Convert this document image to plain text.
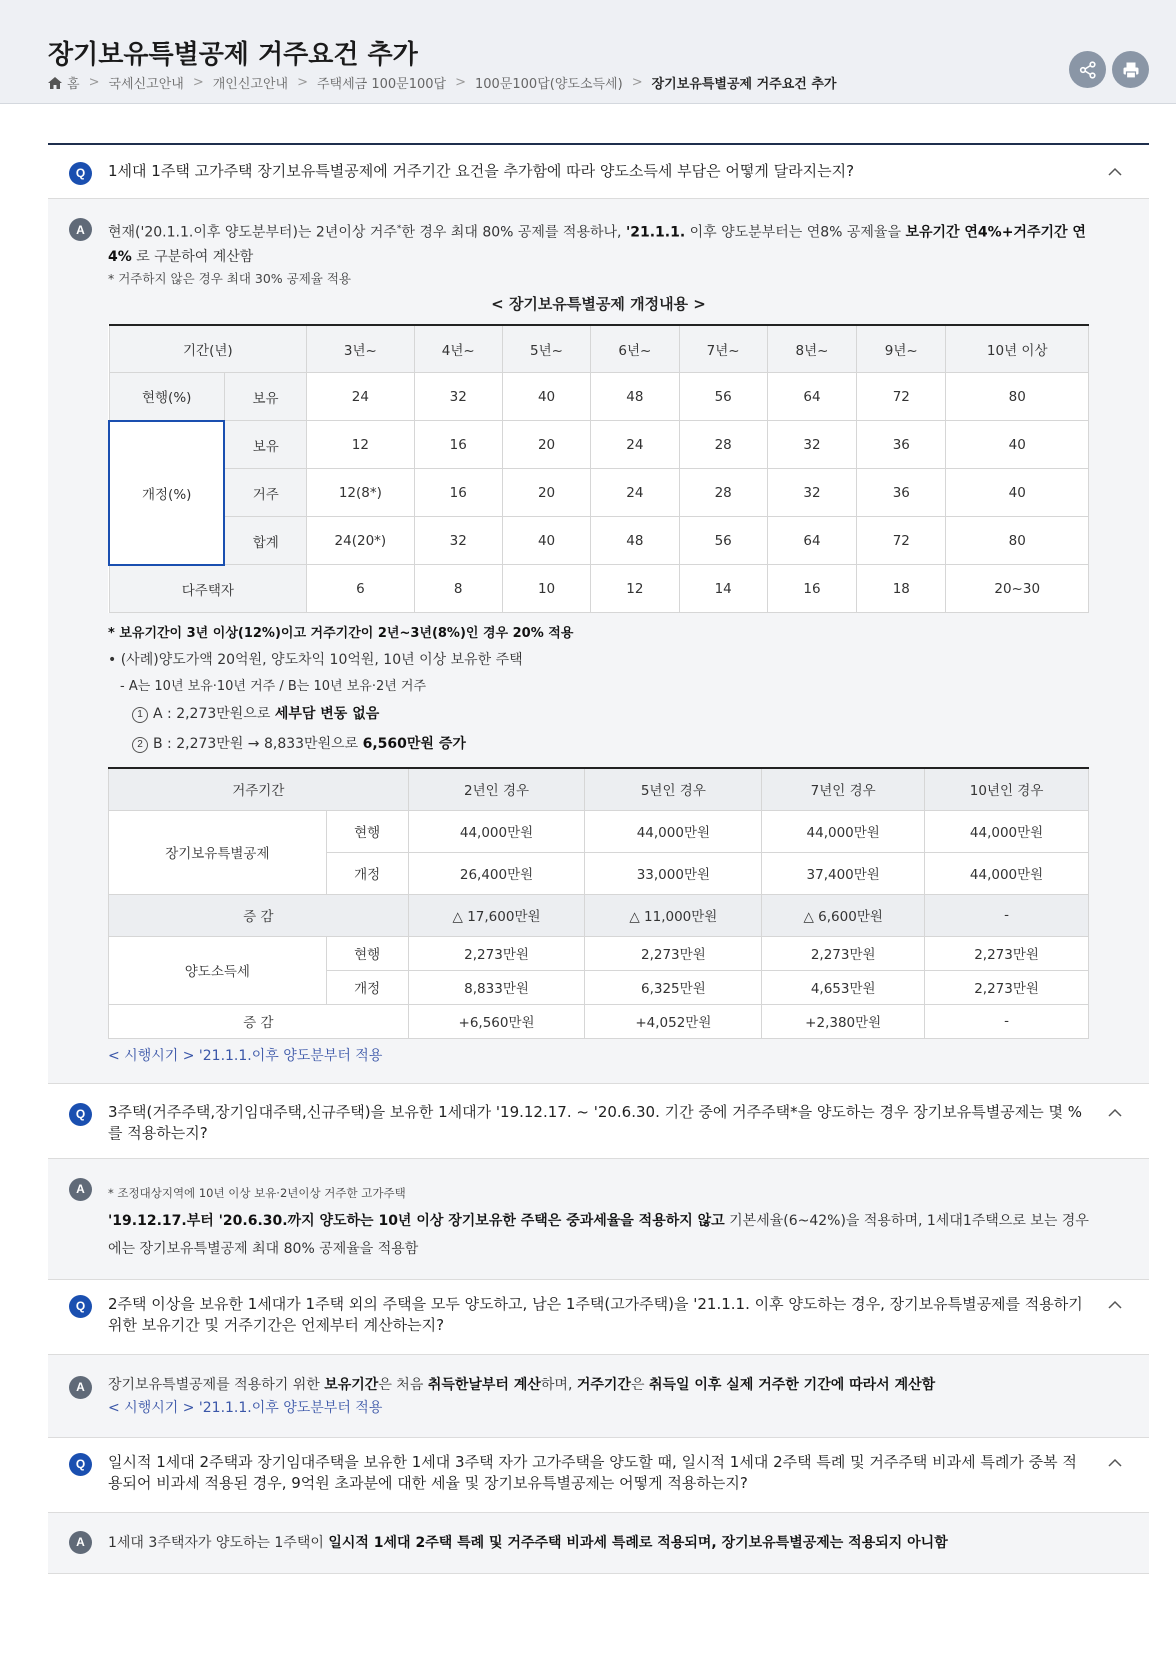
장기보유특별공제 거주요건 추가
홈 > 국세신고안내 > 개인신고안내 > 주택세금 100문100답 > 100문100답(양도소득세) > 장기보유특별공제 거주요건 추가
Q	1세대 1주택 고가주택 장기보유특별공제에 거주기간 요건을 추가함에 따라 양도소득세 부담은 어떻게 달라지는지?
A	현재('20.1.1.이후 양도분부터)는 2년이상 거주*한 경우 최대 80% 공제를 적용하나, '21.1.1. 이후 양도분부터는 연8% 공제율을 보유기간 연4%+거주기간 연4% 로 구분하여 계산함
* 거주하지 않은 경우 최대 30% 공제율 적용
< 장기보유특별공제 개정내용 >
기간(년)		3년~	4년~	5년~	6년~	7년~	8년~	9년~	10년 이상
현행(%)	보유	24	32	40	48	56	64	72	80
개정(%)	보유	12	16	20	24	28	32	36	40
	거주	12(8*)	16	20	24	28	32	36	40
	합계	24(20*)	32	40	48	56	64	72	80
다주택자		6	8	10	12	14	16	18	20~30
* 보유기간이 3년 이상(12%)이고 거주기간이 2년~3년(8%)인 경우 20% 적용
• (사례)양도가액 20억원, 양도차익 10억원, 10년 이상 보유한 주택
- A는 10년 보유·10년 거주 / B는 10년 보유·2년 거주
1 A : 2,273만원으로 세부담 변동 없음
2 B : 2,273만원 → 8,833만원으로 6,560만원 증가
거주기간		2년인 경우	5년인 경우	7년인 경우	10년인 경우
장기보유특별공제	현행	44,000만원	44,000만원	44,000만원	44,000만원
	개정	26,400만원	33,000만원	37,400만원	44,000만원
증 감		△ 17,600만원	△ 11,000만원	△ 6,600만원	-
양도소득세	현행	2,273만원	2,273만원	2,273만원	2,273만원
	개정	8,833만원	6,325만원	4,653만원	2,273만원
증 감		+6,560만원	+4,052만원	+2,380만원	-
< 시행시기 > '21.1.1.이후 양도분부터 적용
Q	3주택(거주주택,장기임대주택,신규주택)을 보유한 1세대가 '19.12.17. ~ '20.6.30. 기간 중에 거주주택*을 양도하는 경우 장기보유특별공제는 몇 %를 적용하는지?
A	* 조정대상지역에 10년 이상 보유·2년이상 거주한 고가주택
'19.12.17.부터 '20.6.30.까지 양도하는 10년 이상 장기보유한 주택은 중과세율을 적용하지 않고 기본세율(6~42%)을 적용하며, 1세대1주택으로 보는 경우에는 장기보유특별공제 최대 80% 공제율을 적용함
Q	2주택 이상을 보유한 1세대가 1주택 외의 주택을 모두 양도하고, 남은 1주택(고가주택)을 '21.1.1. 이후 양도하는 경우, 장기보유특별공제를 적용하기 위한 보유기간 및 거주기간은 언제부터 계산하는지?
A	장기보유특별공제를 적용하기 위한 보유기간은 처음 취득한날부터 계산하며, 거주기간은 취득일 이후 실제 거주한 기간에 따라서 계산함
< 시행시기 > '21.1.1.이후 양도분부터 적용
Q	일시적 1세대 2주택과 장기임대주택을 보유한 1세대 3주택 자가 고가주택을 양도할 때, 일시적 1세대 2주택 특례 및 거주주택 비과세 특례가 중복 적용되어 비과세 적용된 경우, 9억원 초과분에 대한 세율 및 장기보유특별공제는 어떻게 적용하는지?
A	1세대 3주택자가 양도하는 1주택이 일시적 1세대 2주택 특례 및 거주주택 비과세 특례로 적용되며, 장기보유특별공제는 적용되지 아니함
